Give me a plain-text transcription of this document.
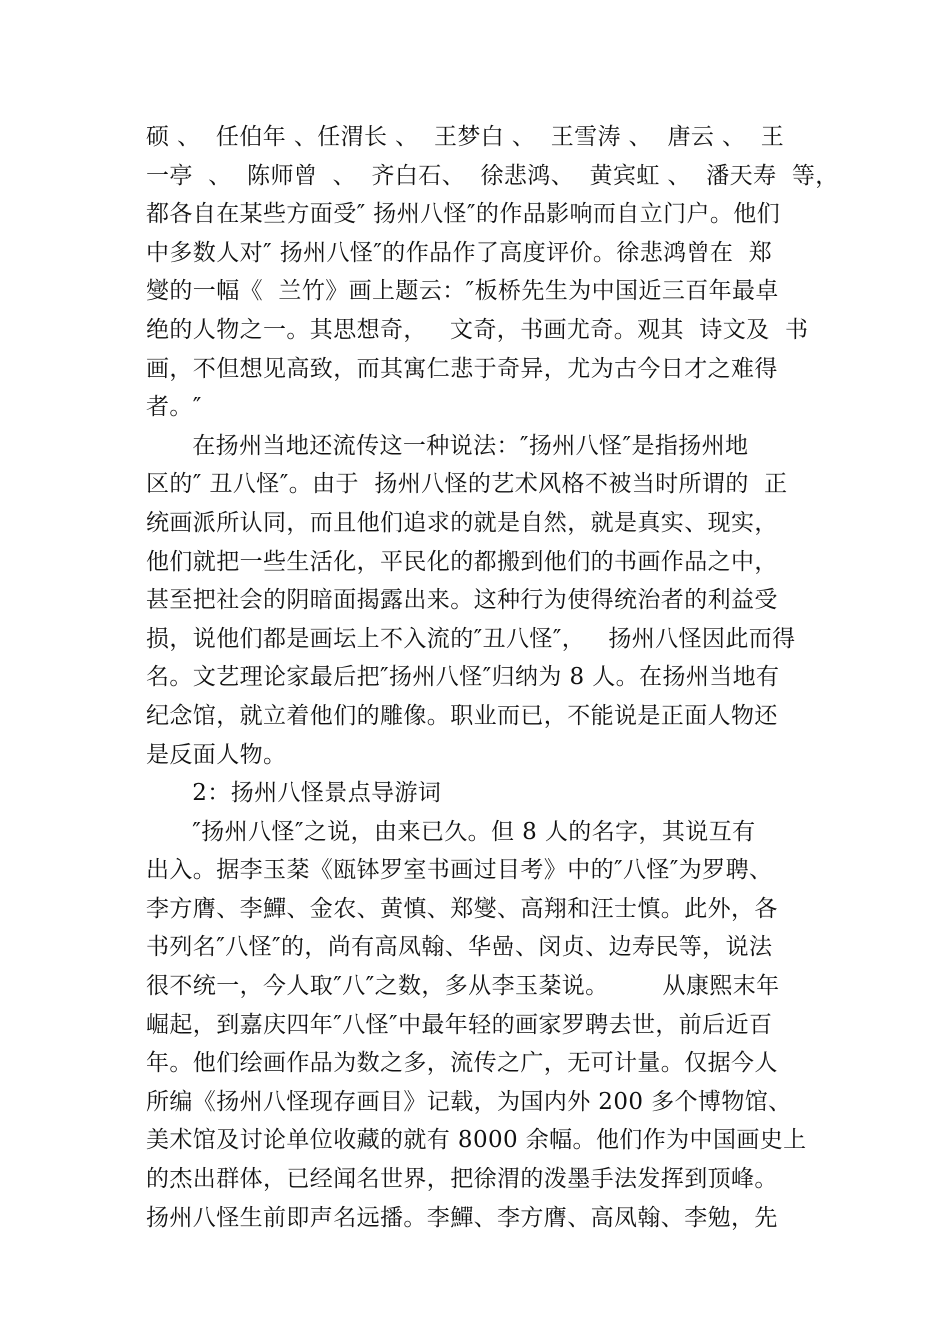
硕 、  任伯年 、任渭长 、  王梦白 、  王雪涛 、  唐云 、  王
一亭  、  陈师曾  、  齐白石、  徐悲鸿、  黄宾虹 、  潘天寿  等，
都各自在某些方面受″ 扬州八怪″的作品影响而自立门户。他们
中多数人对″ 扬州八怪″的作品作了高度评价。徐悲鸿曾在  郑
燮的一幅《  兰竹》画上题云：″板桥先生为中国近三百年最卓
绝的人物之一。其思想奇，   文奇，书画尤奇。观其  诗文及  书
画，不但想见高致，而其寓仁悲于奇异，尤为古今日才之难得
者。″
在扬州当地还流传这一种说法：″扬州八怪″是指扬州地
区的″ 丑八怪″。由于  扬州八怪的艺术风格不被当时所谓的  正
统画派所认同，而且他们追求的就是自然，就是真实、现实，
他们就把一些生活化，平民化的都搬到他们的书画作品之中，
甚至把社会的阴暗面揭露出来。这种行为使得统治者的利益受
损，说他们都是画坛上不入流的″丑八怪″，   扬州八怪因此而得
名。文艺理论家最后把″扬州八怪″归纳为 8 人。在扬州当地有
纪念馆，就立着他们的雕像。职业而已，不能说是正面人物还
是反面人物。
2：扬州八怪景点导游词
″扬州八怪″之说，由来已久。但 8 人的名字，其说互有
出入。据李玉棻《瓯钵罗室书画过目考》中的″八怪″为罗聘、
李方膺、李鱓、金农、黄慎、郑燮、高翔和汪士慎。此外，各
书列名″八怪″的，尚有高凤翰、华喦、闵贞、边寿民等，说法
很不统一，今人取″八″之数，多从李玉棻说。       从康熙末年
崛起，到嘉庆四年″八怪″中最年轻的画家罗聘去世，前后近百
年。他们绘画作品为数之多，流传之广，无可计量。仅据今人
所编《扬州八怪现存画目》记载，为国内外 200 多个博物馆、
美术馆及讨论单位收藏的就有 8000 余幅。他们作为中国画史上
的杰出群体，已经闻名世界，把徐渭的泼墨手法发挥到顶峰。
扬州八怪生前即声名远播。李鱓、李方膺、高凤翰、李勉，先
